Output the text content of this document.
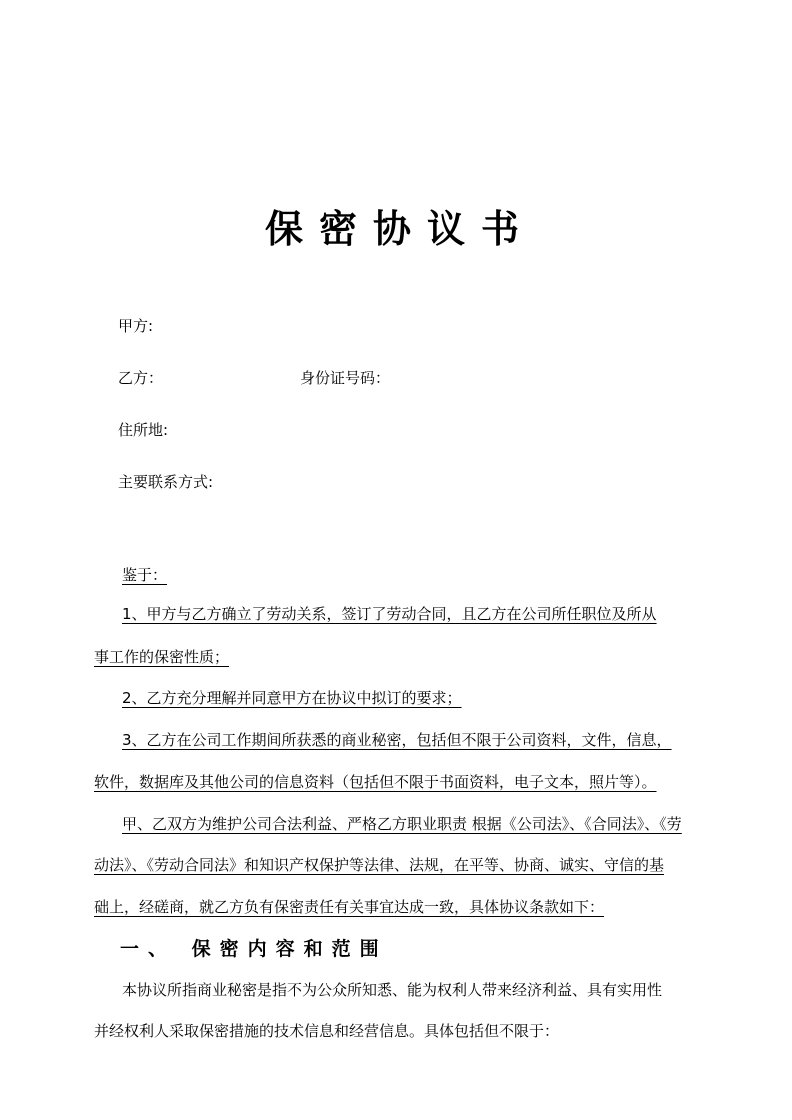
保密协议书
甲方:
乙方：	身份证号码：
住所地:
主要联系方式:
鉴于：
1、甲方与乙方确立了劳动关系，签订了劳动合同，且乙方在公司所任职位及所从
事工作的保密性质；
2、乙方充分理解并同意甲方在协议中拟订的要求；
3、乙方在公司工作期间所获悉的商业秘密，包括但不限于公司资料，文件，信息，
软件，数据库及其他公司的信息资料（包括但不限于书面资料，电子文本，照片等）。
甲、乙双方为维护公司合法利益、严格乙方职业职责 根据《公司法》、《合同法》、《劳
动法》、《劳动合同法》和知识产权保护等法律、法规，在平等、协商、诚实、守信的基
础上，经磋商，就乙方负有保密责任有关事宜达成一致，具体协议条款如下：
一、 保密内容和范围
本协议所指商业秘密是指不为公众所知悉、能为权利人带来经济利益、具有实用性
并经权利人采取保密措施的技术信息和经营信息。具体包括但不限于：
